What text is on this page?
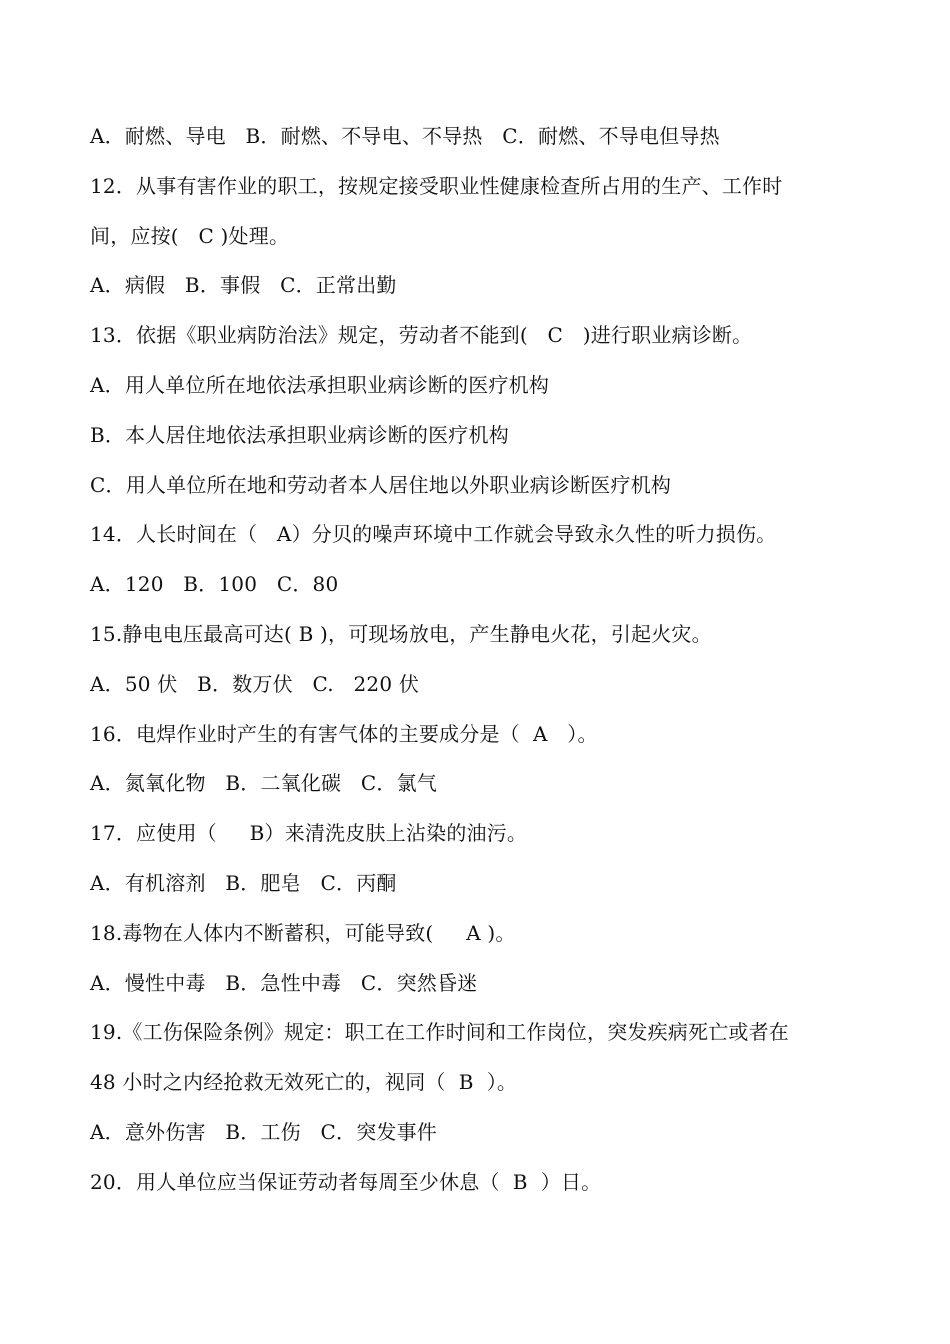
A．耐燃、导电   B．耐燃、不导电、不导热   C．耐燃、不导电但导热
12．从事有害作业的职工，按规定接受职业性健康检查所占用的生产、工作时
间，应按(   C )处理。
A．病假   B．事假   C．正常出勤
13．依据《职业病防治法》规定，劳动者不能到(   C   )进行职业病诊断。
A．用人单位所在地依法承担职业病诊断的医疗机构
B．本人居住地依法承担职业病诊断的医疗机构
C．用人单位所在地和劳动者本人居住地以外职业病诊断医疗机构
14．人长时间在（   A）分贝的噪声环境中工作就会导致永久性的听力损伤。
A．120   B．100   C．80
15.静电电压最高可达( B )，可现场放电，产生静电火花，引起火灾。
A．50 伏   B．数万伏   C.   220 伏
16．电焊作业时产生的有害气体的主要成分是（  A   ）。
A．氮氧化物   B．二氧化碳   C．氯气
17．应使用（     B）来清洗皮肤上沾染的油污。
A．有机溶剂   B．肥皂   C．丙酮
18.毒物在人体内不断蓄积，可能导致(     A )。
A．慢性中毒   B．急性中毒   C．突然昏迷
19.《工伤保险条例》规定：职工在工作时间和工作岗位，突发疾病死亡或者在
48 小时之内经抢救无效死亡的，视同（  B  ）。
A．意外伤害   B．工伤   C．突发事件
20．用人单位应当保证劳动者每周至少休息（  B  ）日。
